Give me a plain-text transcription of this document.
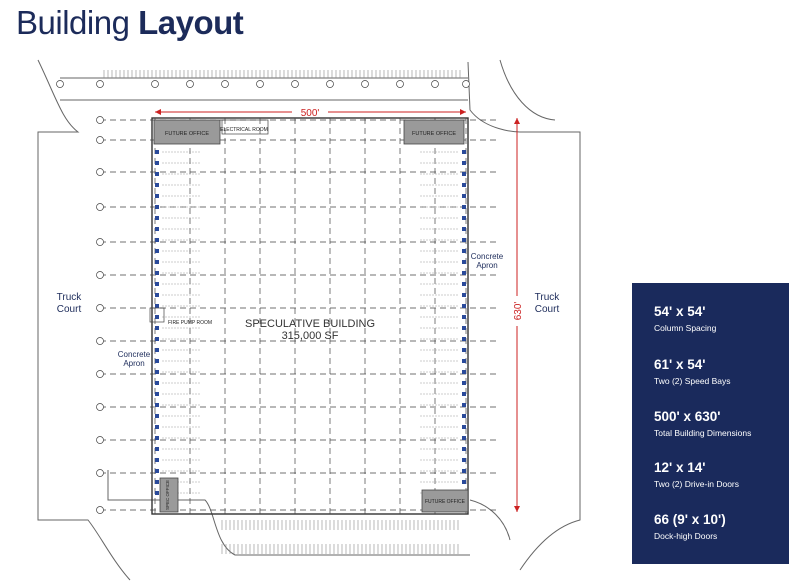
Building Layout
FUTURE OFFICE	FUTURE OFFICE
FUTURE OFFICE
SPEC OFFICE
ELECTRICAL ROOM
FIRE PUMP ROOM	SPECULATIVE BUILDING
315,000 SF
500'
630'
Truck
Court
Truck
Court
Concrete
Apron
Concrete
Apron
54' x 54'
Column Spacing
61' x 54'
Two (2) Speed Bays
500' x 630'
Total Building Dimensions
12' x 14'
Two (2) Drive-in Doors
66 (9' x 10')
Dock-high Doors
